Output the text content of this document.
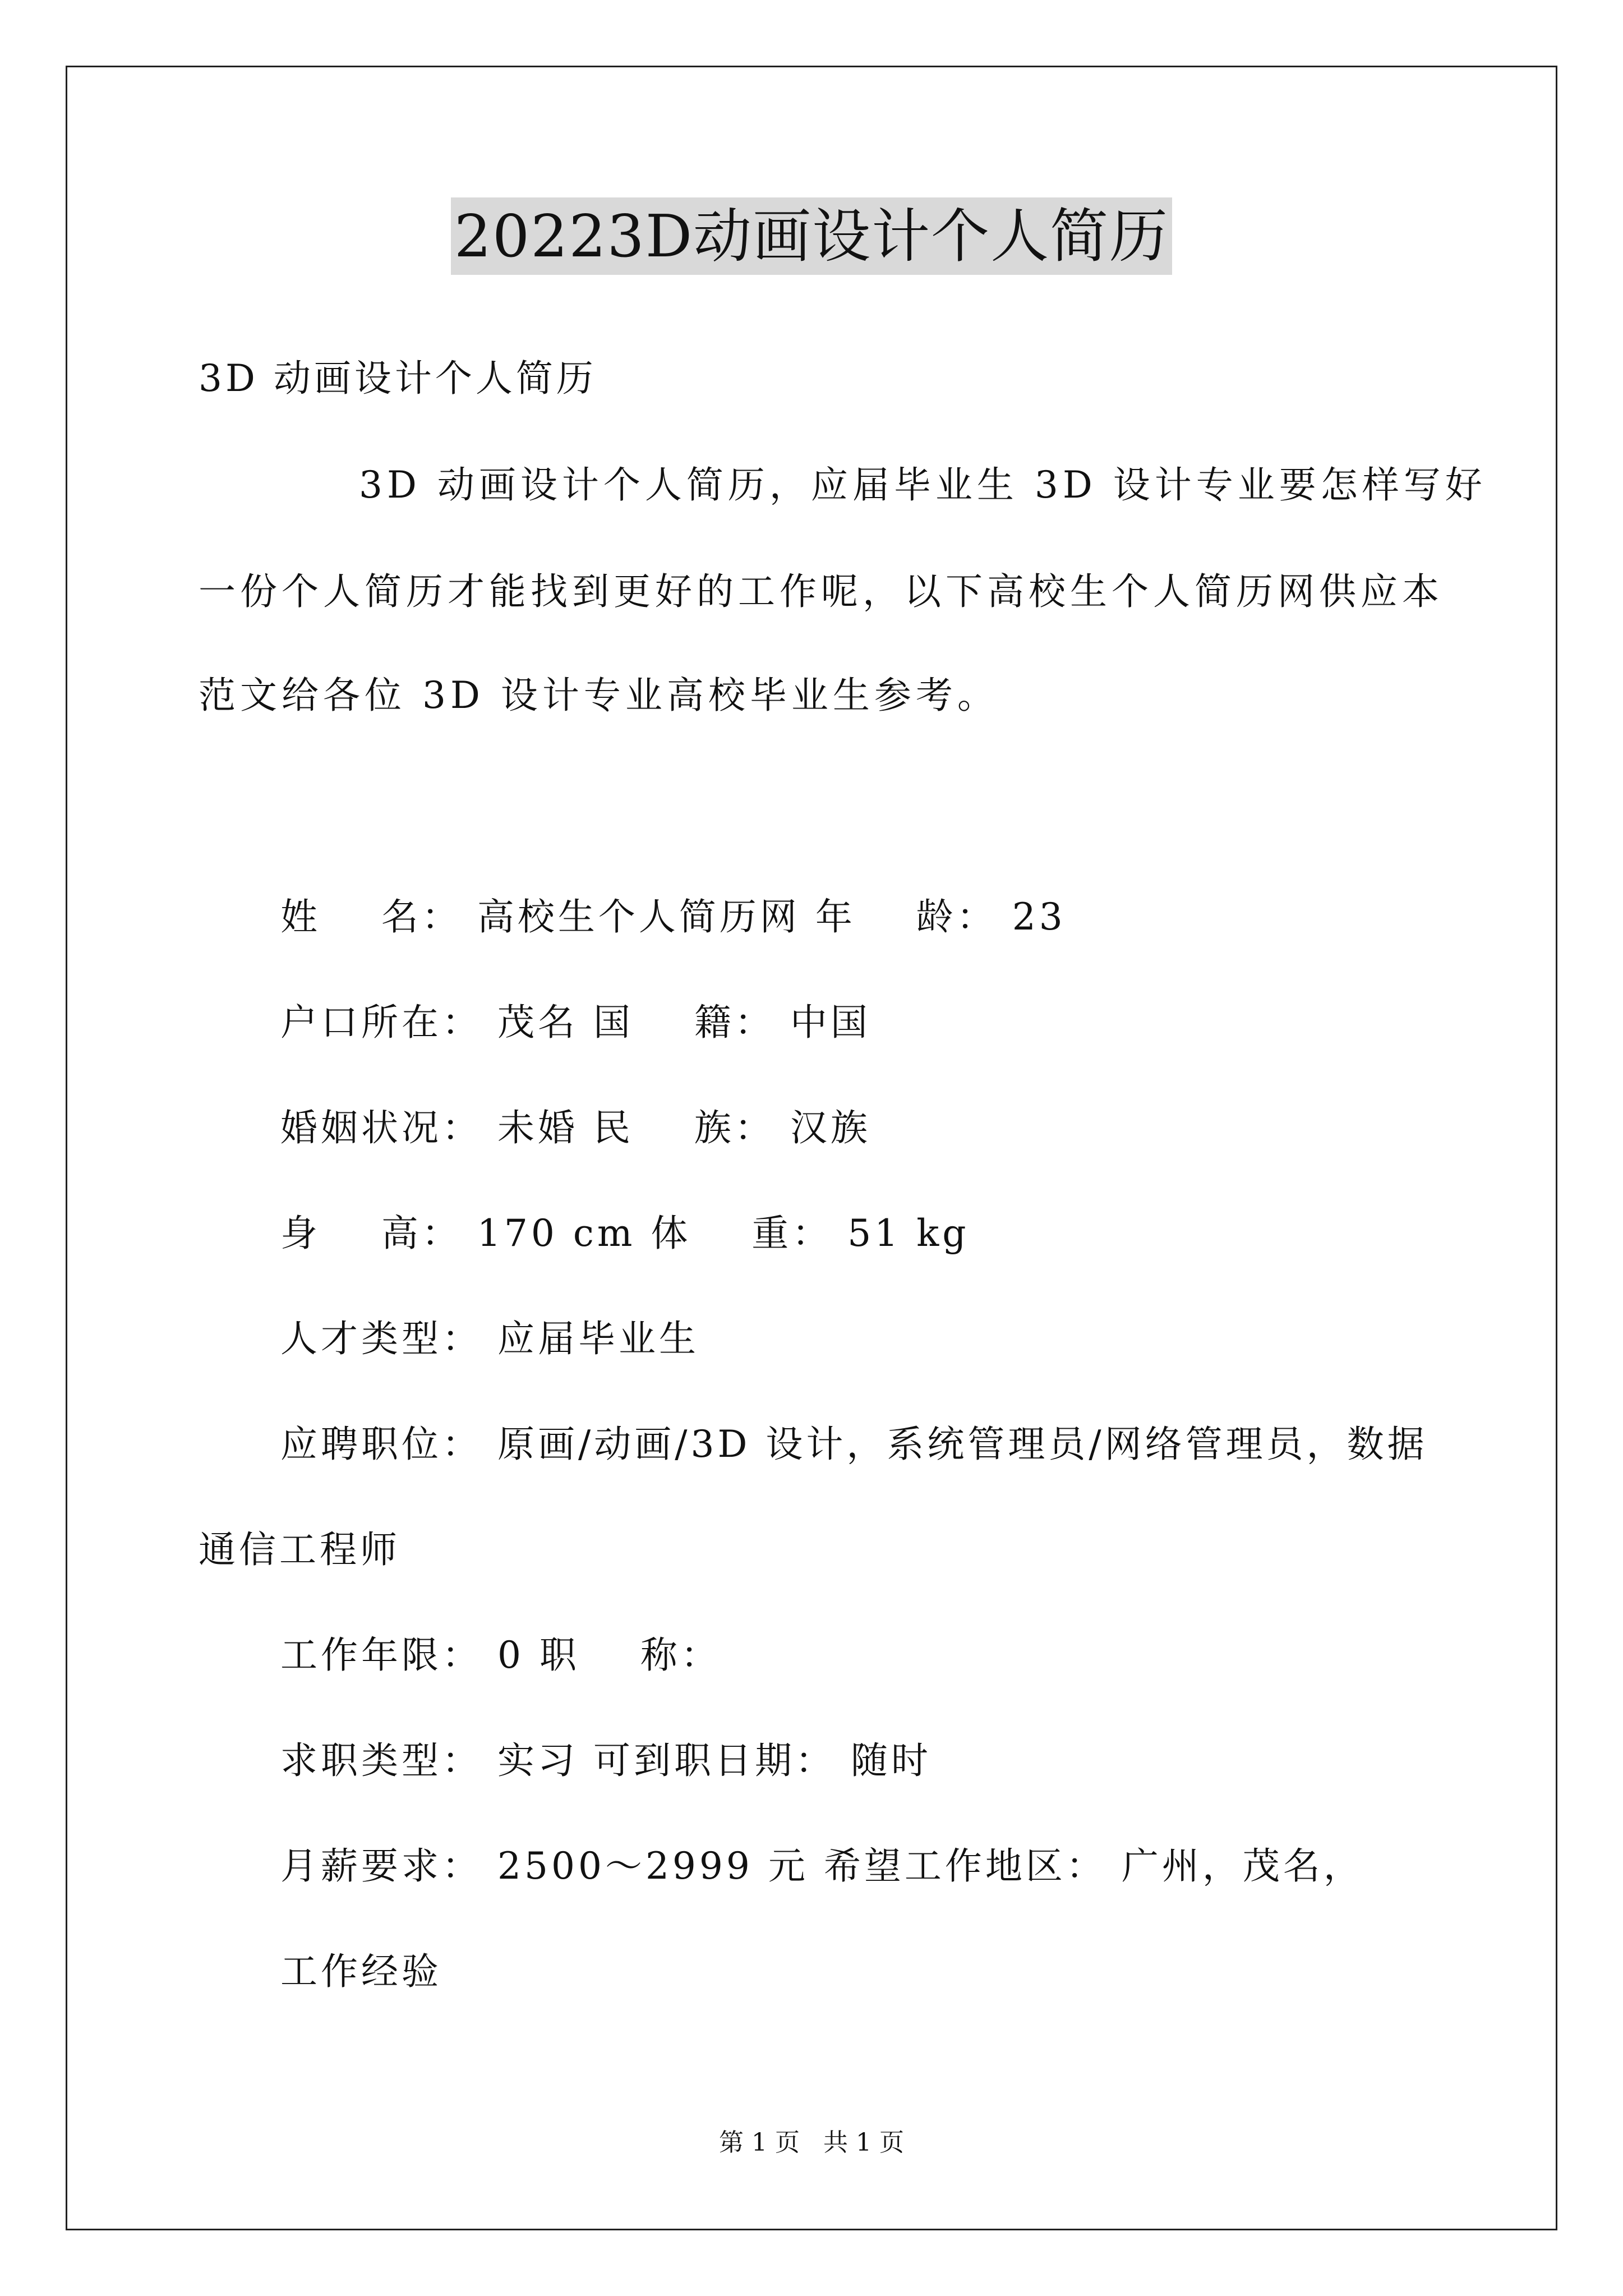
20223D动画设计个人简历
3D 动画设计个人简历
3D 动画设计个人简历，应届毕业生 3D 设计专业要怎样写好
一份个人简历才能找到更好的工作呢，以下高校生个人简历网供应本
范文给各位 3D 设计专业高校毕业生参考。
姓    名： 高校生个人简历网 年    龄： 23
户口所在： 茂名 国    籍： 中国
婚姻状况： 未婚 民    族： 汉族
身    高： 170 cm 体    重： 51 kg
人才类型： 应届毕业生
应聘职位： 原画/动画/3D 设计，系统管理员/网络管理员，数据
通信工程师
工作年限： 0 职    称：
求职类型： 实习 可到职日期： 随时
月薪要求： 2500～2999 元 希望工作地区： 广州，茂名，
工作经验
第 1 页   共 1 页
